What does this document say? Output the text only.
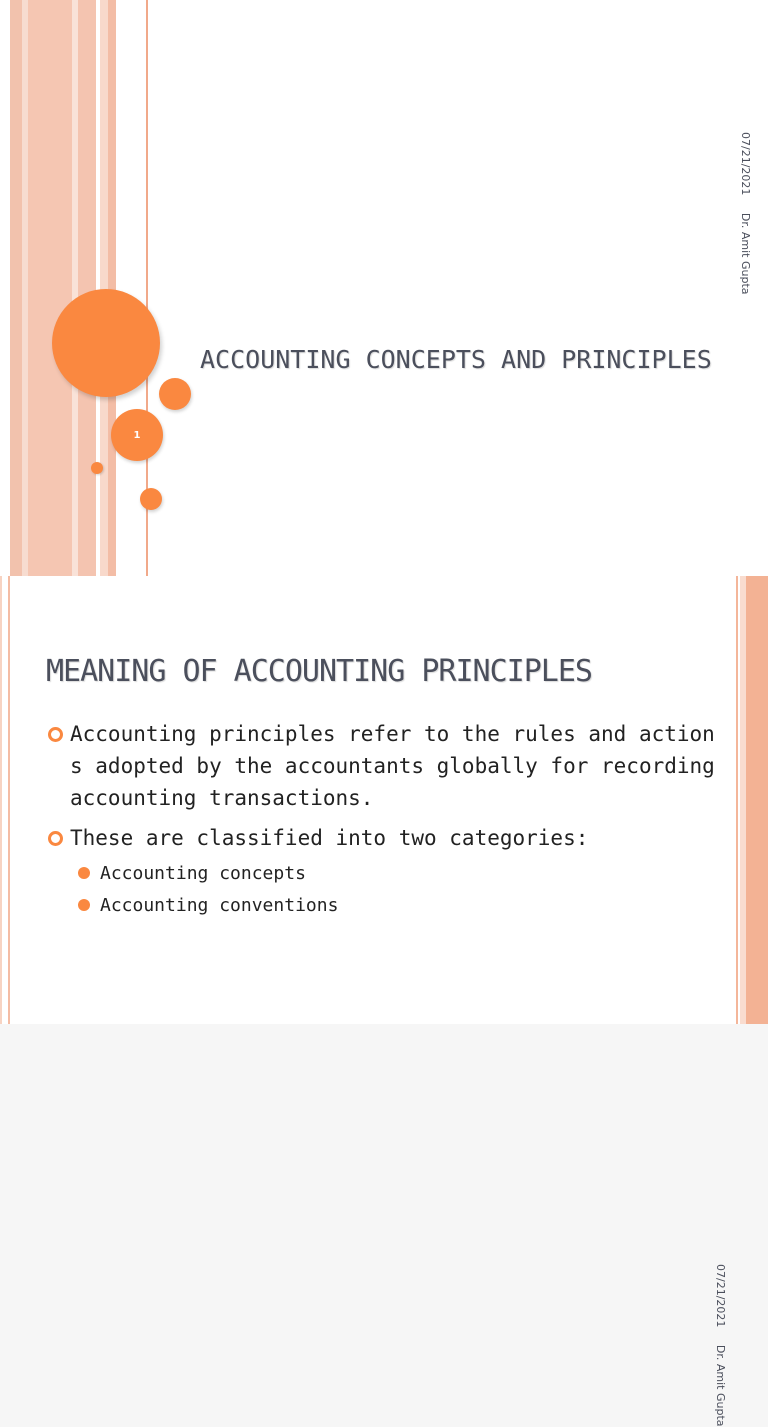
1
ACCOUNTING CONCEPTS AND PRINCIPLES
07/21/2021     Dr. Amit Gupta
MEANING OF ACCOUNTING PRINCIPLES
Accounting principles refer to the rules and actions adopted by the accountants globally for recording accounting transactions.
These are classified into two categories:
Accounting concepts
Accounting conventions
07/21/2021     Dr. Amit Gupta
